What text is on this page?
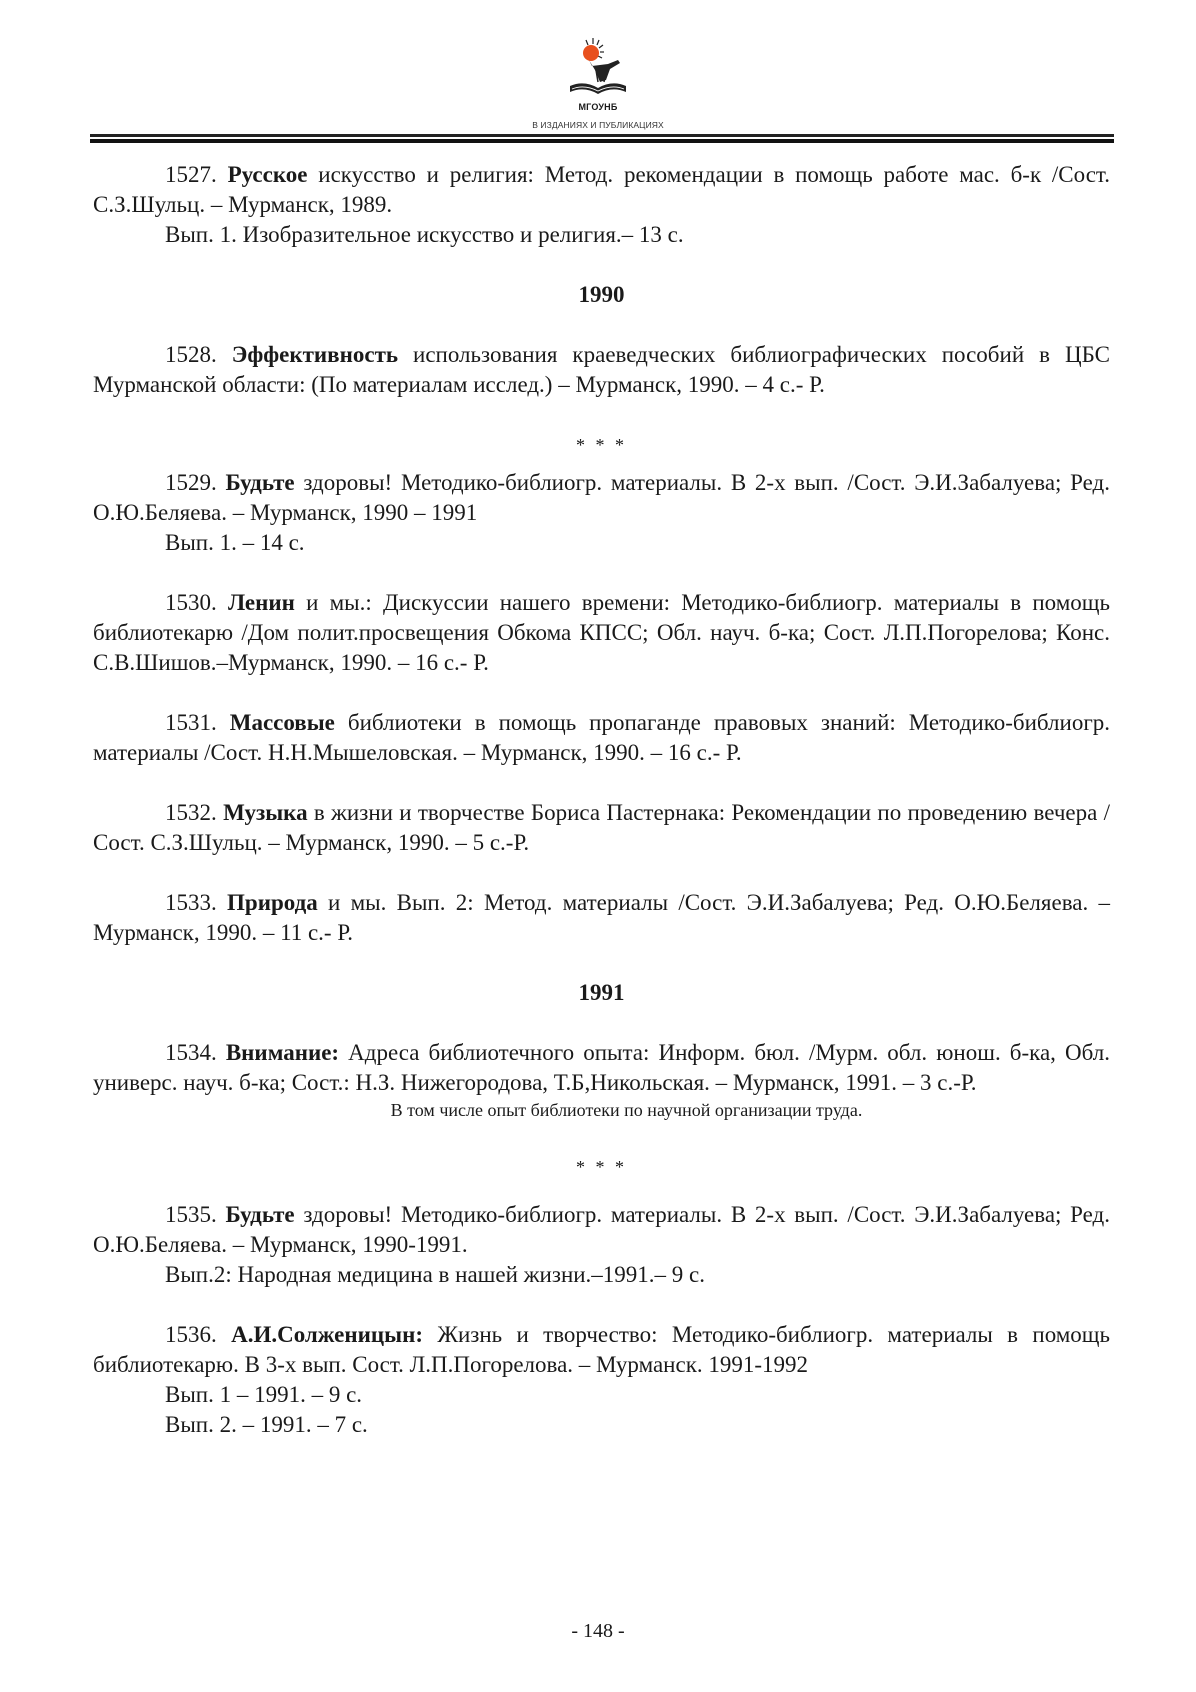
МГОУНБ
В ИЗДАНИЯХ И ПУБЛИКАЦИЯХ

1527. Русское искусство и религия: Метод. рекомендации в помощь работе мас. б-к /Сост. С.З.Шульц. – Мурманск, 1989.

Вып. 1. Изобразительное искусство и религия.– 13 с.

1990

1528. Эффективность использования краеведческих библиографических пособий в ЦБС Мурманской области: (По материалам исслед.) – Мурманск, 1990. – 4 с.- Р.

* * *

1529. Будьте здоровы! Методико-библиогр. материалы. В 2-х вып. /Сост. Э.И.Забалуева; Ред. О.Ю.Беляева. – Мурманск, 1990 – 1991

Вып. 1. – 14 с.

1530. Ленин и мы.: Дискуссии нашего времени: Методико-библиогр. материалы в помощь библиотекарю /Дом полит.просвещения Обкома КПСС; Обл. науч. б-ка; Сост. Л.П.Погорелова; Конс. С.В.Шишов.–Мурманск, 1990. – 16 с.- Р.

1531. Массовые библиотеки в помощь пропаганде правовых знаний: Методико-библиогр. материалы /Сост. Н.Н.Мышеловская. – Мурманск, 1990. – 16 с.- Р.

1532. Музыка в жизни и творчестве Бориса Пастернака: Рекомендации по проведению вечера /Сост. С.З.Шульц. – Мурманск, 1990. – 5 с.-Р.

1533. Природа и мы. Вып. 2: Метод. материалы /Сост. Э.И.Забалуева; Ред. О.Ю.Беляева. – Мурманск, 1990. – 11 с.- Р.

1991

1534. Внимание: Адреса библиотечного опыта: Информ. бюл. /Мурм. обл. юнош. б-ка, Обл. универс. науч. б-ка; Сост.: Н.З. Нижегородова, Т.Б,Никольская. – Мурманск, 1991. – 3 с.-Р.

В том числе опыт библиотеки по научной организации труда.

* * *

1535. Будьте здоровы! Методико-библиогр. материалы. В 2-х вып. /Сост. Э.И.Забалуева; Ред. О.Ю.Беляева. – Мурманск, 1990-1991.

Вып.2: Народная медицина в нашей жизни.–1991.– 9 с.

1536. А.И.Солженицын: Жизнь и творчество: Методико-библиогр. материалы в помощь библиотекарю. В 3-х вып. Сост. Л.П.Погорелова. – Мурманск. 1991-1992

Вып. 1 – 1991. – 9 с.

Вып. 2. – 1991. – 7 с.

- 148 -
